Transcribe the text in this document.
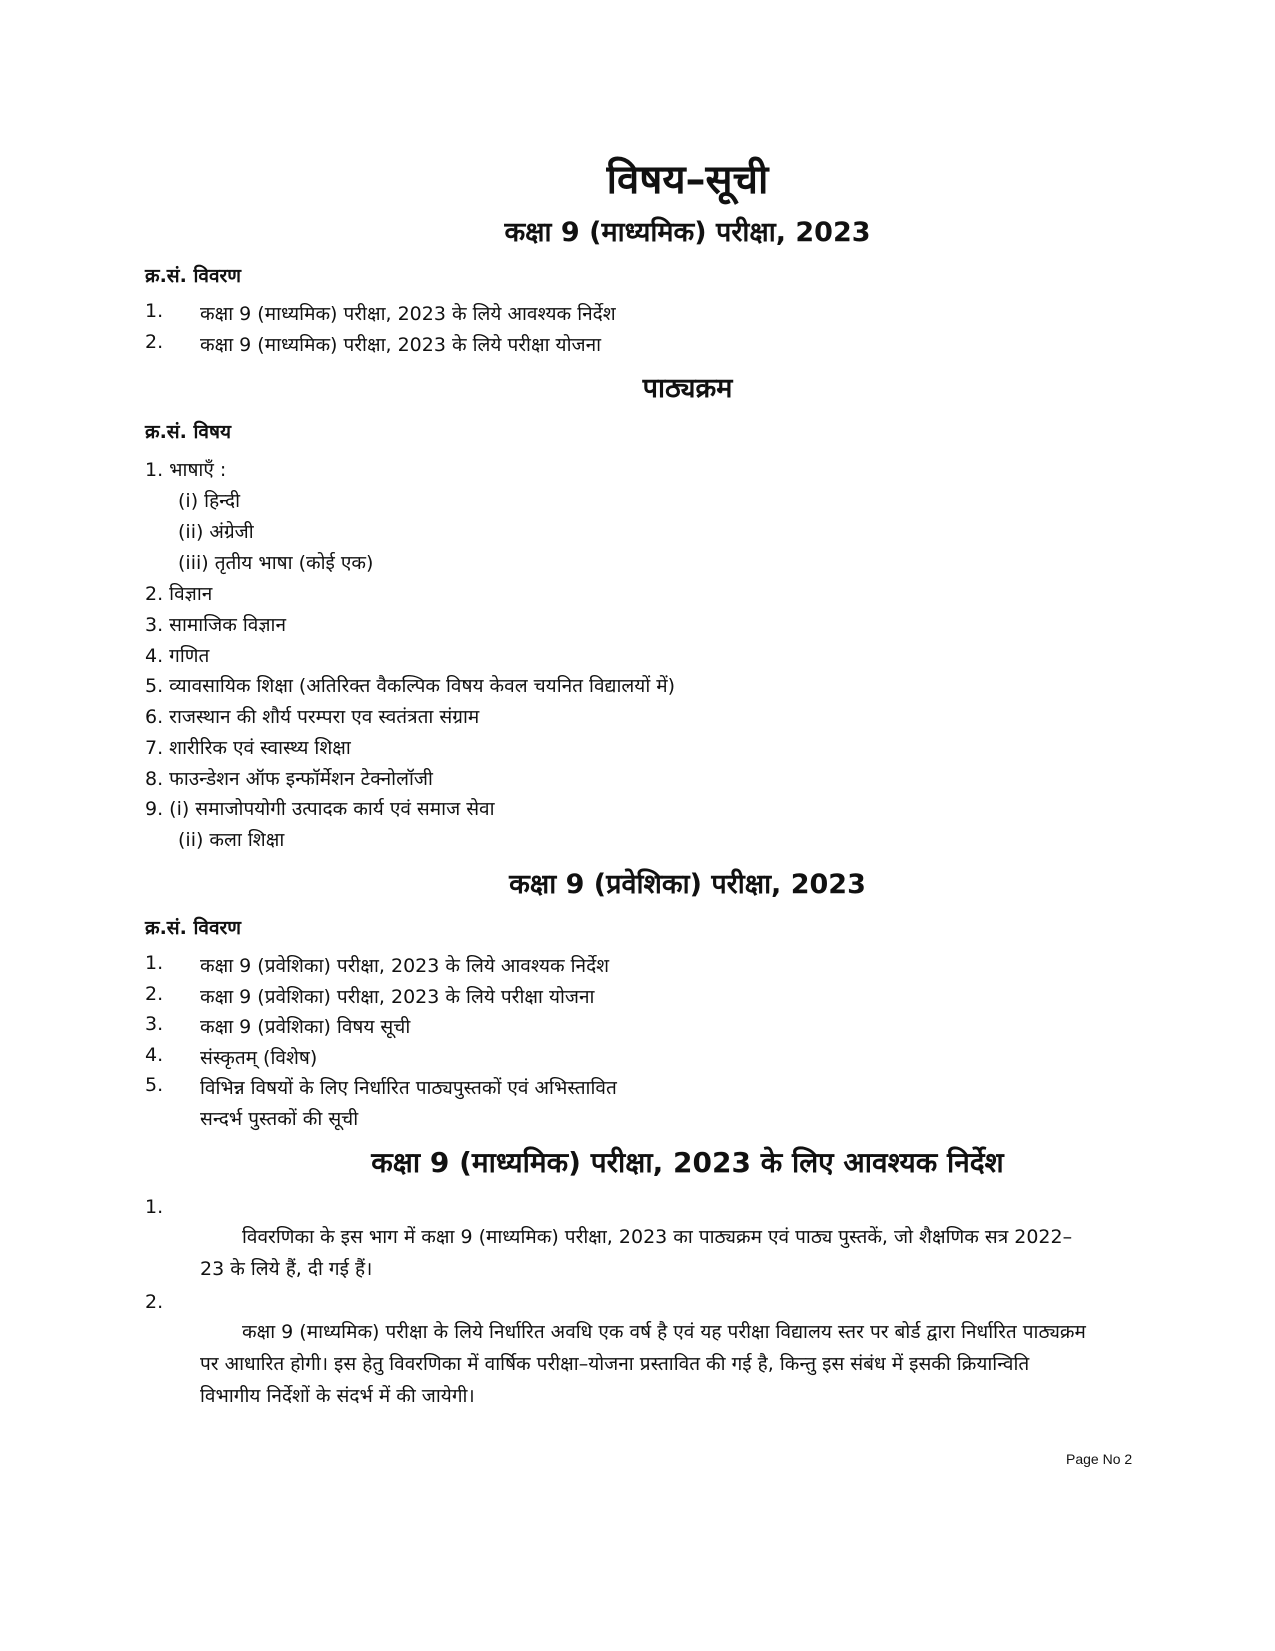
विषय–सूची
कक्षा 9 (माध्यमिक) परीक्षा, 2023
क्र.सं. विवरण
1. कक्षा 9 (माध्यमिक) परीक्षा, 2023 के लिये आवश्यक निर्देश
2. कक्षा 9 (माध्यमिक) परीक्षा, 2023 के लिये परीक्षा योजना
पाठ्यक्रम
क्र.सं. विषय
1. भाषाएँ :
(i) हिन्दी
(ii) अंग्रेजी
(iii) तृतीय भाषा (कोई एक)
2. विज्ञान
3. सामाजिक विज्ञान
4. गणित
5. व्यावसायिक शिक्षा (अतिरिक्त वैकल्पिक विषय केवल चयनित विद्यालयों में)
6. राजस्थान की शौर्य परम्परा एव स्वतंत्रता संग्राम
7. शारीरिक एवं स्वास्थ्य शिक्षा
8. फाउन्डेशन ऑफ इन्फॉर्मेशन टेक्नोलॉजी
9. (i) समाजोपयोगी उत्पादक कार्य एवं समाज सेवा
(ii) कला शिक्षा
कक्षा 9 (प्रवेशिका) परीक्षा, 2023
क्र.सं. विवरण
1. कक्षा 9 (प्रवेशिका) परीक्षा, 2023 के लिये आवश्यक निर्देश
2. कक्षा 9 (प्रवेशिका) परीक्षा, 2023 के लिये परीक्षा योजना
3. कक्षा 9 (प्रवेशिका) विषय सूची
4. संस्कृतम् (विशेष)
5. विभिन्न विषयों के लिए निर्धारित पाठ्यपुस्तकों एवं अभिस्तावित
सन्दर्भ पुस्तकों की सूची
कक्षा 9 (माध्यमिक) परीक्षा, 2023 के लिए आवश्यक निर्देश
1.
विवरणिका के इस भाग में कक्षा 9 (माध्यमिक) परीक्षा, 2023 का पाठ्यक्रम एवं पाठ्य पुस्तकें, जो शैक्षणिक सत्र 2022–23 के लिये हैं, दी गई हैं।
2.
कक्षा 9 (माध्यमिक) परीक्षा के लिये निर्धारित अवधि एक वर्ष है एवं यह परीक्षा विद्यालय स्तर पर बोर्ड द्वारा निर्धारित पाठ्यक्रम पर आधारित होगी। इस हेतु विवरणिका में वार्षिक परीक्षा–योजना प्रस्तावित की गई है, किन्तु इस संबंध में इसकी क्रियान्विति विभागीय निर्देशों के संदर्भ में की जायेगी।
Page No 2
